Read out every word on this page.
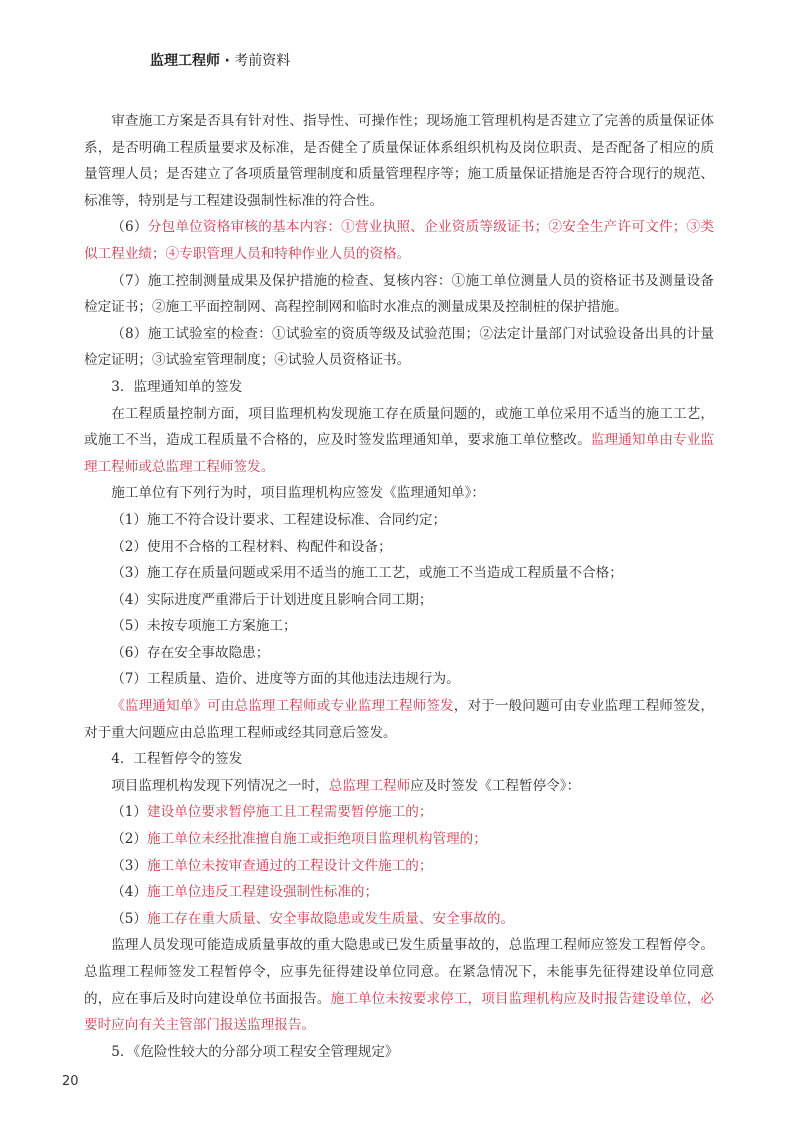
监理工程师 · 考前资料

审查施工方案是否具有针对性、指导性、可操作性；现场施工管理机构是否建立了完善的质量保证体系，是否明确工程质量要求及标准，是否健全了质量保证体系组织机构及岗位职责、是否配备了相应的质量管理人员；是否建立了各项质量管理制度和质量管理程序等；施工质量保证措施是否符合现行的规范、标准等，特别是与工程建设强制性标准的符合性。

（6）分包单位资格审核的基本内容：①营业执照、企业资质等级证书；②安全生产许可文件；③类似工程业绩；④专职管理人员和特种作业人员的资格。

（7）施工控制测量成果及保护措施的检查、复核内容：①施工单位测量人员的资格证书及测量设备检定证书；②施工平面控制网、高程控制网和临时水准点的测量成果及控制桩的保护措施。

（8）施工试验室的检查：①试验室的资质等级及试验范围；②法定计量部门对试验设备出具的计量检定证明；③试验室管理制度；④试验人员资格证书。

3．监理通知单的签发

在工程质量控制方面，项目监理机构发现施工存在质量问题的，或施工单位采用不适当的施工工艺，或施工不当，造成工程质量不合格的，应及时签发监理通知单，要求施工单位整改。监理通知单由专业监理工程师或总监理工程师签发。

施工单位有下列行为时，项目监理机构应签发《监理通知单》：

（1）施工不符合设计要求、工程建设标准、合同约定；

（2）使用不合格的工程材料、构配件和设备；

（3）施工存在质量问题或采用不适当的施工工艺，或施工不当造成工程质量不合格；

（4）实际进度严重滞后于计划进度且影响合同工期；

（5）未按专项施工方案施工；

（6）存在安全事故隐患；

（7）工程质量、造价、进度等方面的其他违法违规行为。

《监理通知单》可由总监理工程师或专业监理工程师签发，对于一般问题可由专业监理工程师签发，对于重大问题应由总监理工程师或经其同意后签发。

4．工程暂停令的签发

项目监理机构发现下列情况之一时，总监理工程师应及时签发《工程暂停令》：

（1）建设单位要求暂停施工且工程需要暂停施工的；

（2）施工单位未经批准擅自施工或拒绝项目监理机构管理的；

（3）施工单位未按审查通过的工程设计文件施工的；

（4）施工单位违反工程建设强制性标准的；

（5）施工存在重大质量、安全事故隐患或发生质量、安全事故的。

监理人员发现可能造成质量事故的重大隐患或已发生质量事故的，总监理工程师应签发工程暂停令。总监理工程师签发工程暂停令，应事先征得建设单位同意。在紧急情况下，未能事先征得建设单位同意的，应在事后及时向建设单位书面报告。施工单位未按要求停工，项目监理机构应及时报告建设单位，必要时应向有关主管部门报送监理报告。

5．《危险性较大的分部分项工程安全管理规定》

20
